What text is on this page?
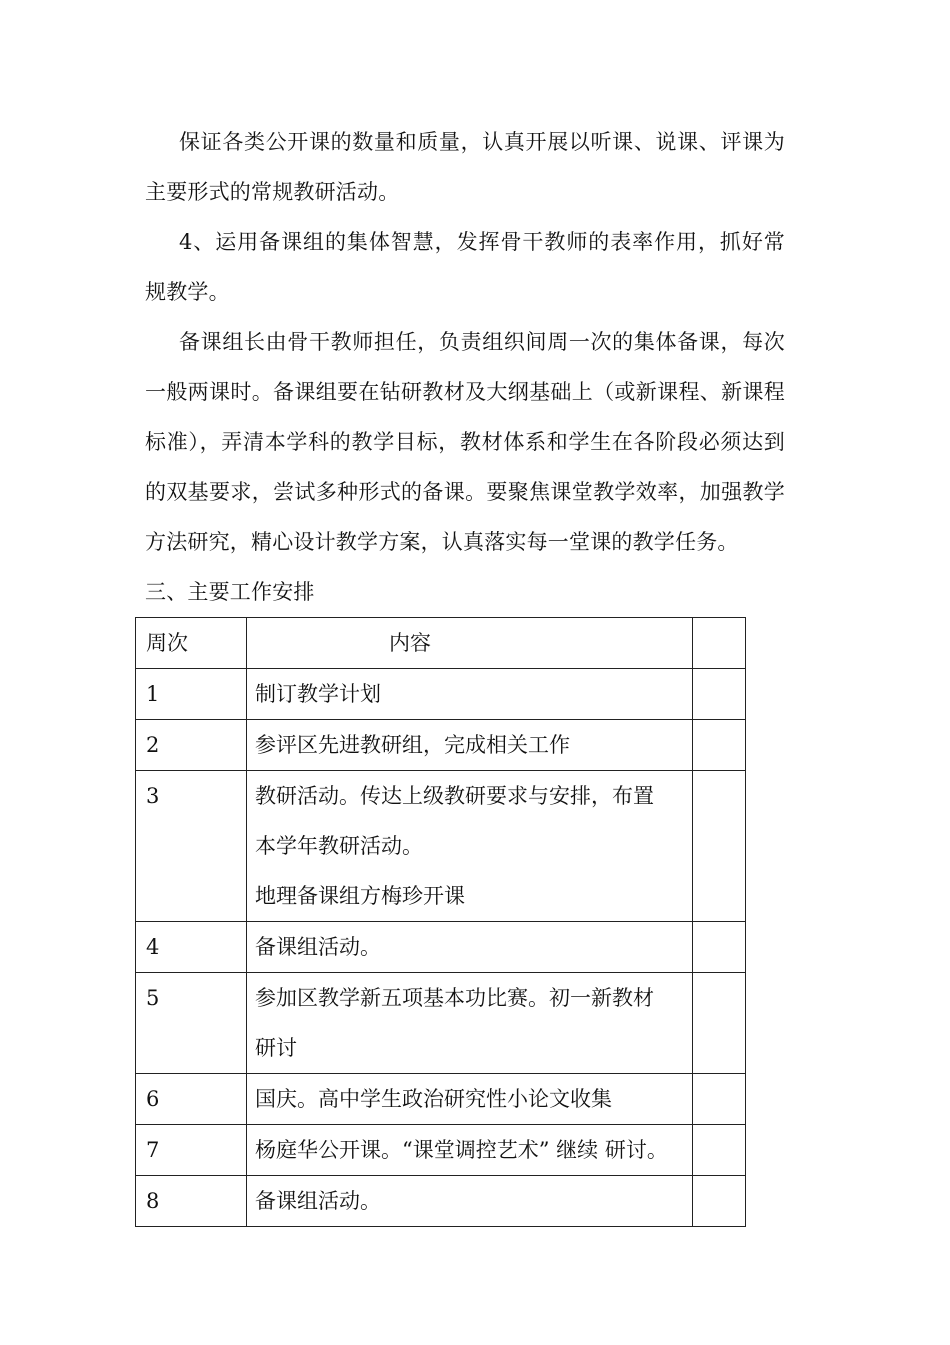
保证各类公开课的数量和质量，认真开展以听课、说课、评课为主要形式的常规教研活动。

4、运用备课组的集体智慧，发挥骨干教师的表率作用，抓好常规教学。

备课组长由骨干教师担任，负责组织间周一次的集体备课，每次一般两课时。备课组要在钻研教材及大纲基础上（或新课程、新课程标准），弄清本学科的教学目标，教材体系和学生在各阶段必须达到的双基要求，尝试多种形式的备课。要聚焦课堂教学效率，加强教学方法研究，精心设计教学方案，认真落实每一堂课的教学任务。

三、主要工作安排

周次	内容	

1	制订教学计划	

2	参评区先进教研组，完成相关工作	

3	教研活动。传达上级教研要求与安排，布置
本学年教研活动。
地理备课组方梅珍开课	

4	备课组活动。	

5	参加区教学新五项基本功比赛。初一新教材
研讨	

6	国庆。高中学生政治研究性小论文收集	

7	杨庭华公开课。“课堂调控艺术” 继续 研讨。	

8	备课组活动。	
